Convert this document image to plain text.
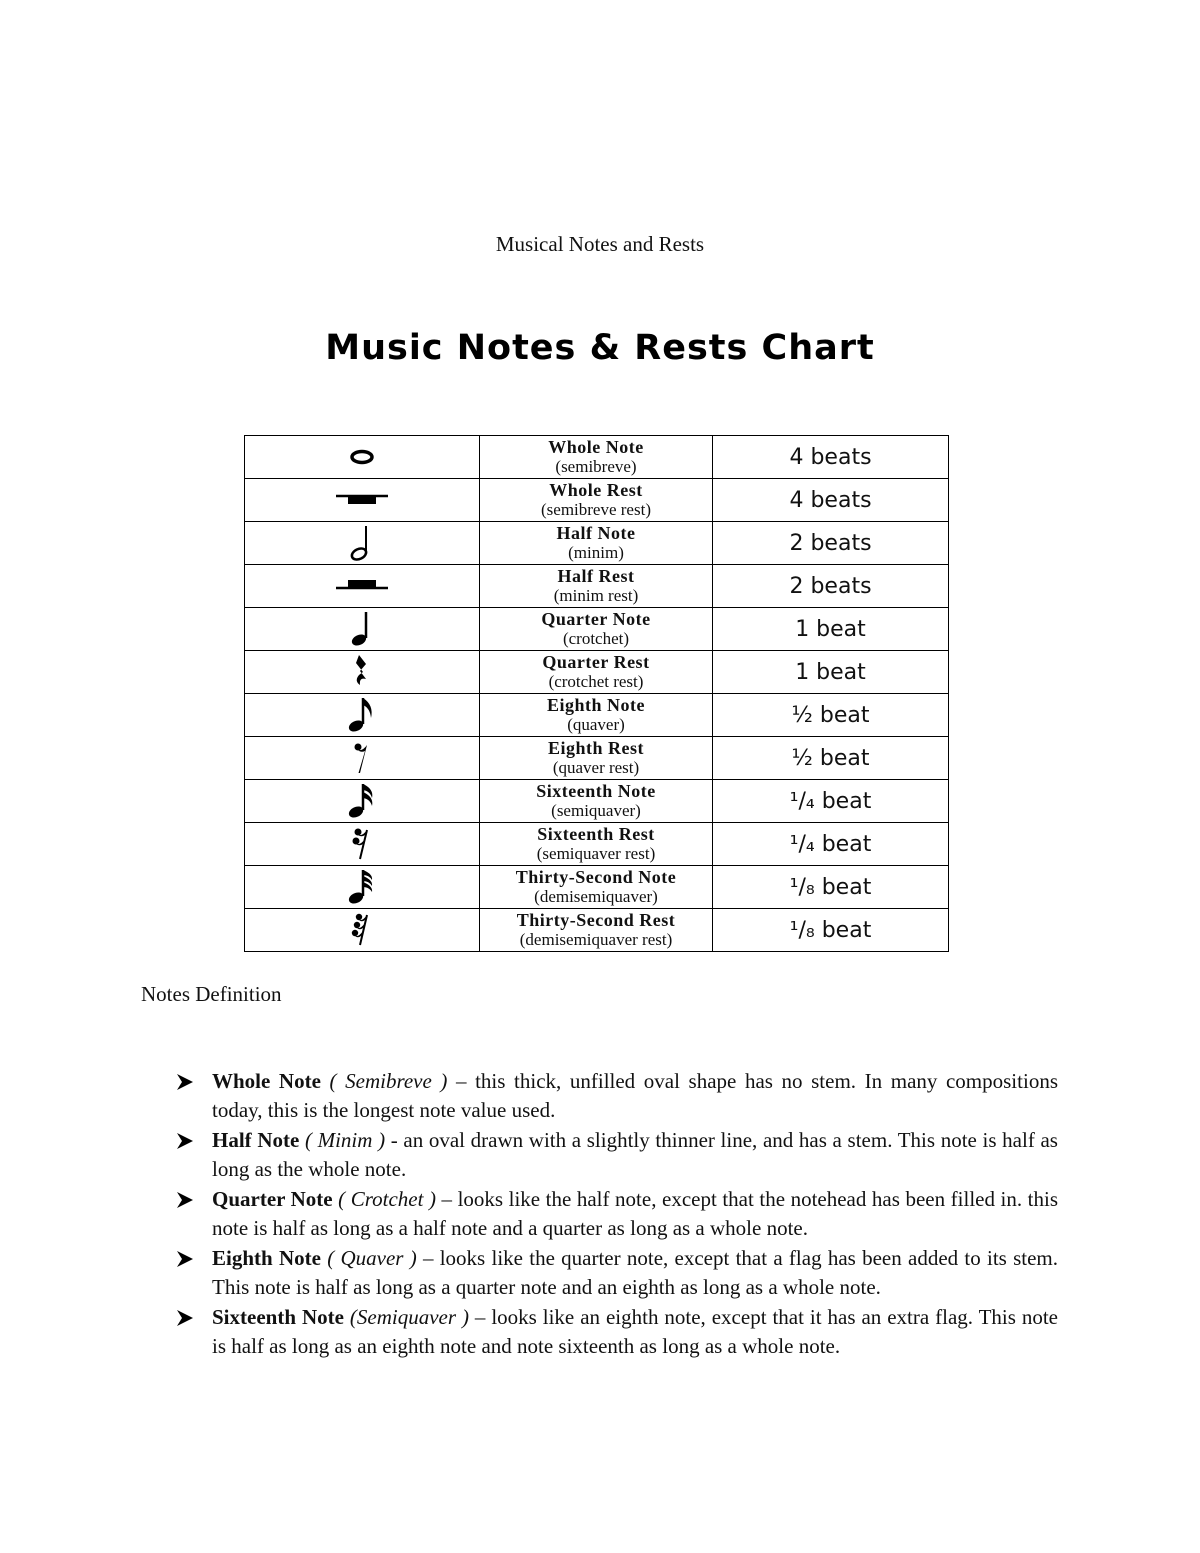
Musical Notes and Rests
Music Notes & Rests Chart

Whole Note
(semibreve)	4 beats

Whole Rest
(semibreve rest)	4 beats

Half Note
(minim)	2 beats

Half Rest
(minim rest)	2 beats

Quarter Note
(crotchet)	1 beat

Quarter Rest
(crotchet rest)	1 beat

Eighth Note
(quaver)	½ beat

Eighth Rest
(quaver rest)	½ beat

Sixteenth Note
(semiquaver)	¹/₄ beat

Sixteenth Rest
(semiquaver rest)	¹/₄ beat

Thirty-Second Note
(demisemiquaver)	¹/₈ beat

Thirty-Second Rest
(demisemiquaver rest)	¹/₈ beat
Notes Definition
Whole Note ( Semibreve ) – this thick, unfilled oval shape has no stem. In many compositions today, this is the longest note value used.
Half Note ( Minim ) - an oval drawn with a slightly thinner line, and has a stem. This note is half as long as the whole note.
Quarter Note ( Crotchet ) – looks like the half note, except that the notehead has been filled in. this note is half as long as a half note and a quarter as long as a whole note.
Eighth Note ( Quaver ) – looks like the quarter note, except that a flag has been added to its stem. This note is half as long as a quarter note and an eighth as long as a whole note.
Sixteenth Note (Semiquaver ) – looks like an eighth note, except that it has an extra flag. This note is half as long as an eighth note and note sixteenth as long as a whole note.
